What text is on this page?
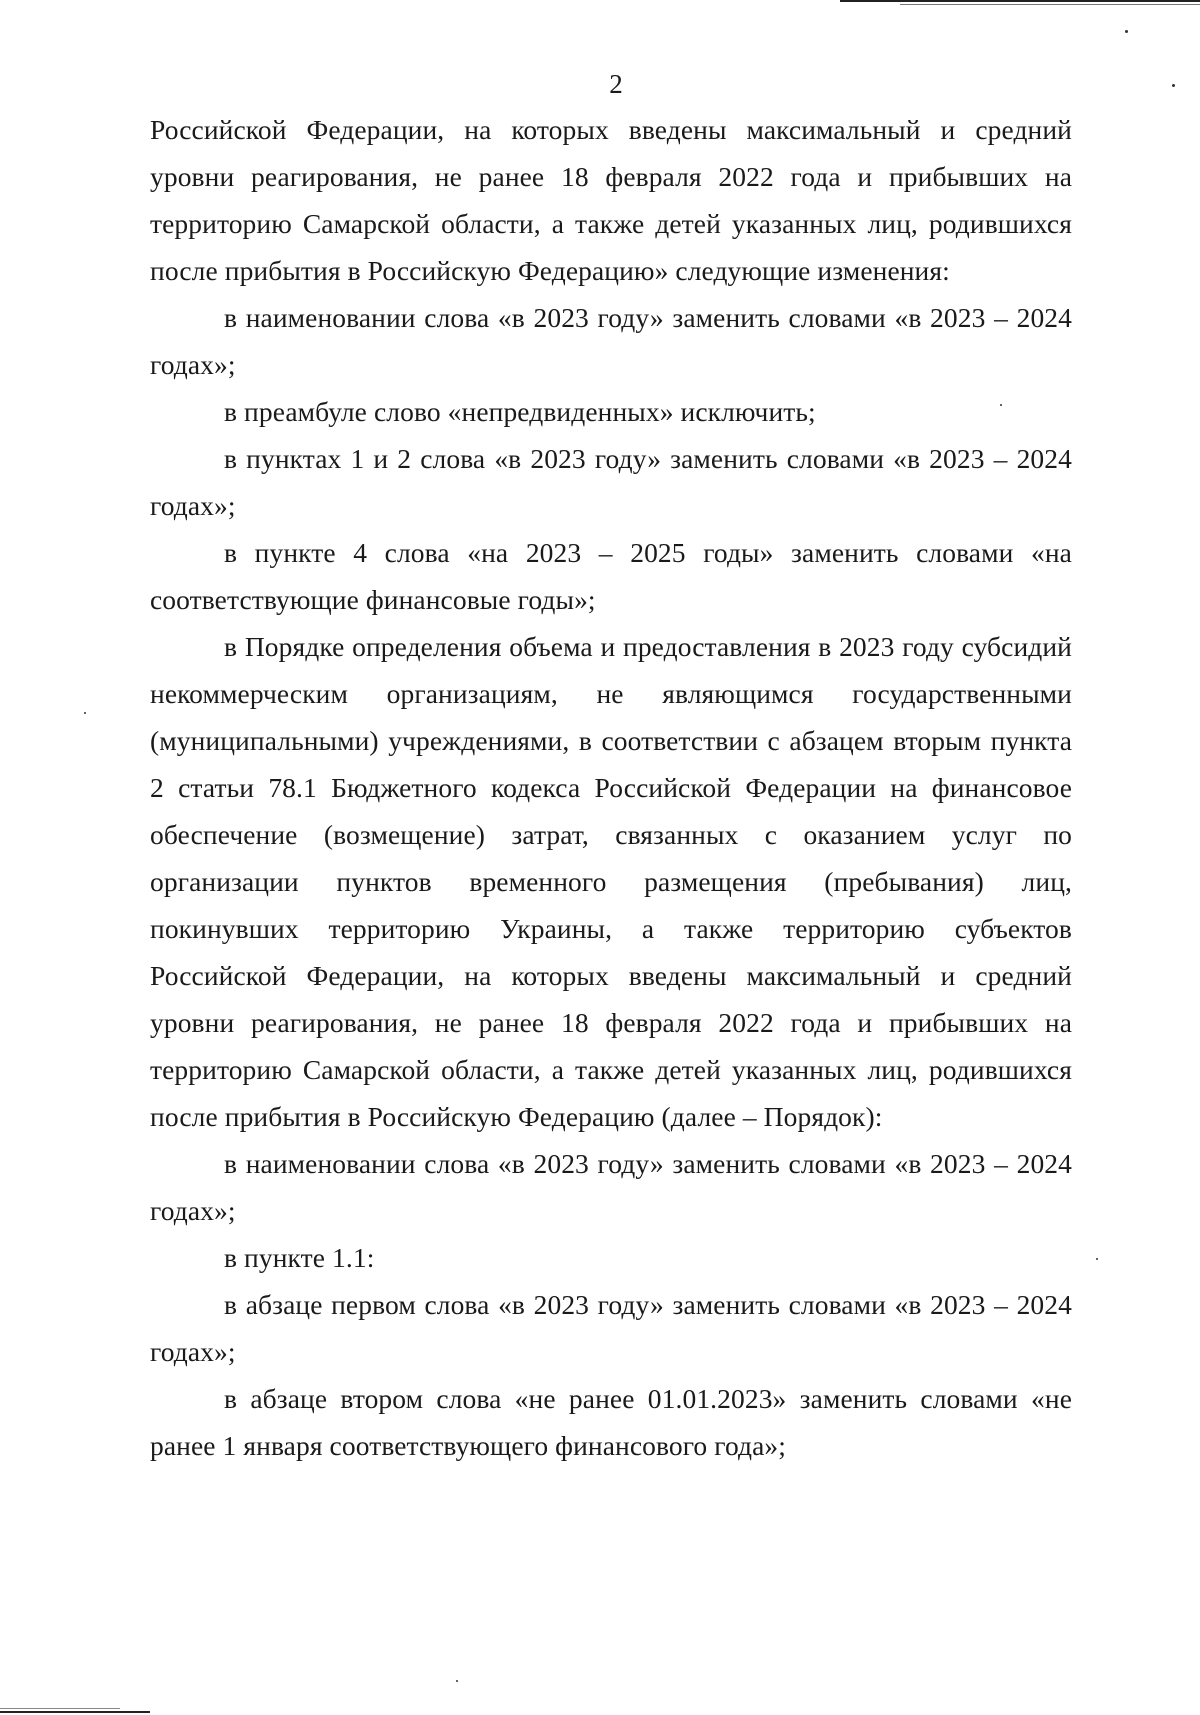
2

Российской Федерации, на которых введены максимальный и средний уровни реагирования, не ранее 18 февраля 2022 года и прибывших на территорию Самарской области, а также детей указанных лиц, родившихся после прибытия в Российскую Федерацию» следующие изменения:

в наименовании слова «в 2023 году» заменить словами «в 2023 – 2024 годах»;

в преамбуле слово «непредвиденных» исключить;

в пунктах 1 и 2 слова «в 2023 году» заменить словами «в 2023 – 2024 годах»;

в пункте 4 слова «на 2023 – 2025 годы» заменить словами «на соответствующие финансовые годы»;

в Порядке определения объема и предоставления в 2023 году субсидий некоммерческим организациям, не являющимся государственными (муниципальными) учреждениями, в соответствии с абзацем вторым пункта 2 статьи 78.1 Бюджетного кодекса Российской Федерации на финансовое обеспечение (возмещение) затрат, связанных с оказанием услуг по организации пунктов временного размещения (пребывания) лиц, покинувших территорию Украины, а также территорию субъектов Российской Федерации, на которых введены максимальный и средний уровни реагирования, не ранее 18 февраля 2022 года и прибывших на территорию Самарской области, а также детей указанных лиц, родившихся после прибытия в Российскую Федерацию (далее – Порядок):

в наименовании слова «в 2023 году» заменить словами «в 2023 – 2024 годах»;

в пункте 1.1:

в абзаце первом слова «в 2023 году» заменить словами «в 2023 – 2024 годах»;

в абзаце втором слова «не ранее 01.01.2023» заменить словами «не ранее 1 января соответствующего финансового года»;
